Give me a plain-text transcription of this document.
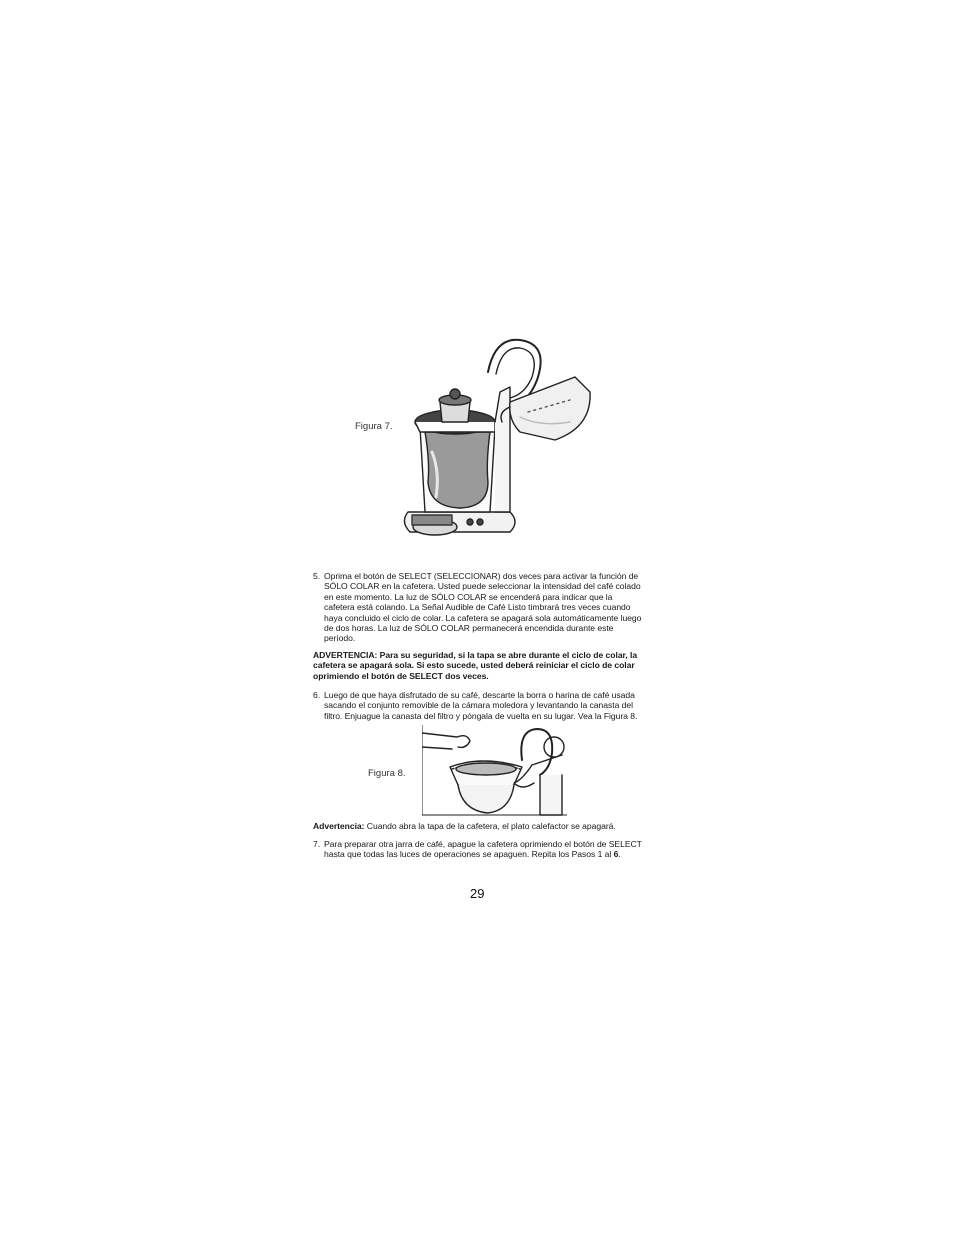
Figura 7.
5. Oprima el botón de SELECT (SELECCIONAR) dos veces para activar la función de SÓLO COLAR en la cafetera. Usted puede seleccionar la intensidad del café colado en este momento. La luz de SÓLO COLAR se encenderá para indicar que la cafetera está colando. La Señal Audible de Café Listo timbrará tres veces cuando haya concluido el ciclo de colar. La cafetera se apagará sola automáticamente luego de dos horas. La luz de SÓLO COLAR permanecerá encendida durante este período.
ADVERTENCIA: Para su seguridad, si la tapa se abre durante el ciclo de colar, la cafetera se apagará sola. Si esto sucede, usted deberá reiniciar el ciclo de colar oprimiendo el botón de SELECT dos veces.
6. Luego de que haya disfrutado de su café, descarte la borra o harina de café usada sacando el conjunto removible de la cámara moledora y levantando la canasta del filtro. Enjuague la canasta del filtro y póngala de vuelta en su lugar. Vea la Figura 8.
Figura 8.
Advertencia: Cuando abra la tapa de la cafetera, el plato calefactor se apagará.
7. Para preparar otra jarra de café, apague la cafetera oprimiendo el botón de SELECT hasta que todas las luces de operaciones se apaguen. Repita los Pasos 1 al 6.
29
